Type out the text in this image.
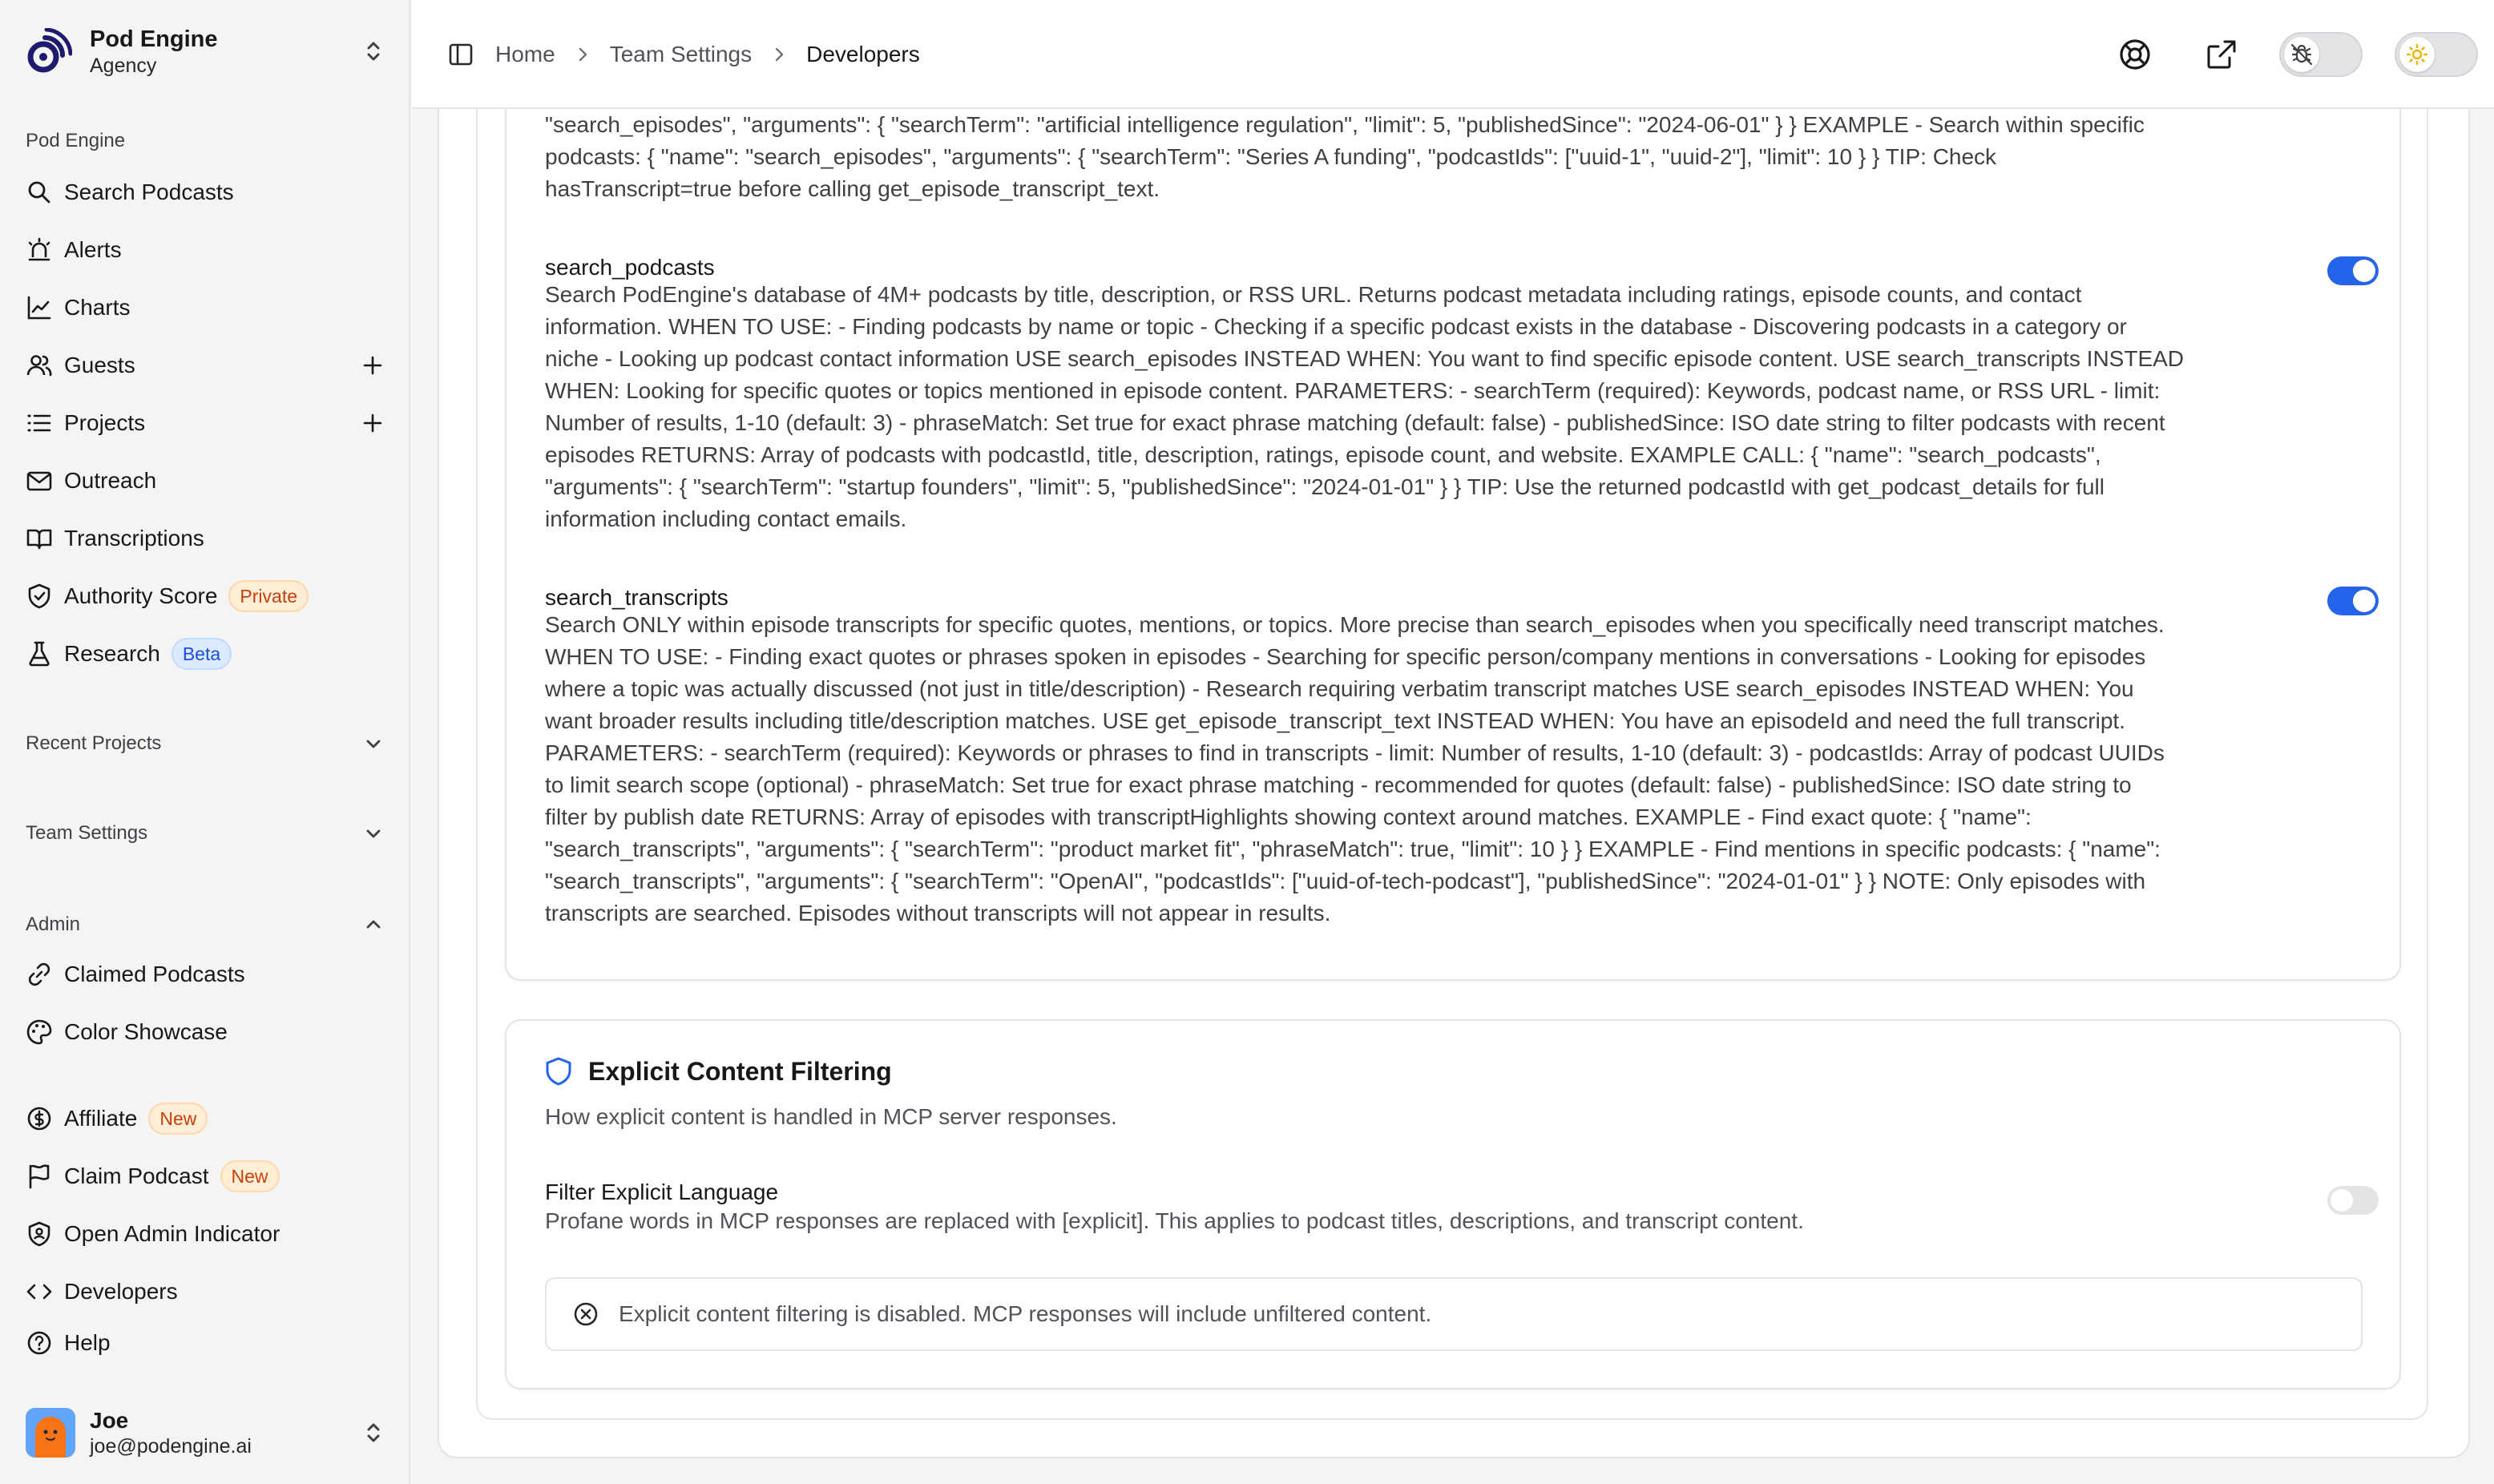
Pod Engine
Agency
Pod Engine
Search Podcasts
Alerts
Charts
Guests
Projects
Outreach
Transcriptions
Authority Score	Private
Research	Beta
Recent Projects
Team Settings
Admin
Claimed Podcasts
Color Showcase
Affiliate	New
Claim Podcast	New
Open Admin Indicator
Developers
Help
Joe
joe@podengine.ai
"search_episodes", "arguments": { "searchTerm": "artificial intelligence regulation", "limit": 5, "publishedSince": "2024-06-01" } } EXAMPLE - Search within specific
podcasts: { "name": "search_episodes", "arguments": { "searchTerm": "Series A funding", "podcastIds": ["uuid-1", "uuid-2"], "limit": 10 } } TIP: Check
hasTranscript=true before calling get_episode_transcript_text.
search_podcasts
Search PodEngine's database of 4M+ podcasts by title, description, or RSS URL. Returns podcast metadata including ratings, episode counts, and contact
information. WHEN TO USE: - Finding podcasts by name or topic - Checking if a specific podcast exists in the database - Discovering podcasts in a category or
niche - Looking up podcast contact information USE search_episodes INSTEAD WHEN: You want to find specific episode content. USE search_transcripts INSTEAD
WHEN: Looking for specific quotes or topics mentioned in episode content. PARAMETERS: - searchTerm (required): Keywords, podcast name, or RSS URL - limit:
Number of results, 1-10 (default: 3) - phraseMatch: Set true for exact phrase matching (default: false) - publishedSince: ISO date string to filter podcasts with recent
episodes RETURNS: Array of podcasts with podcastId, title, description, ratings, episode count, and website. EXAMPLE CALL: { "name": "search_podcasts",
"arguments": { "searchTerm": "startup founders", "limit": 5, "publishedSince": "2024-01-01" } } TIP: Use the returned podcastId with get_podcast_details for full
information including contact emails.
search_transcripts
Search ONLY within episode transcripts for specific quotes, mentions, or topics. More precise than search_episodes when you specifically need transcript matches.
WHEN TO USE: - Finding exact quotes or phrases spoken in episodes - Searching for specific person/company mentions in conversations - Looking for episodes
where a topic was actually discussed (not just in title/description) - Research requiring verbatim transcript matches USE search_episodes INSTEAD WHEN: You
want broader results including title/description matches. USE get_episode_transcript_text INSTEAD WHEN: You have an episodeId and need the full transcript.
PARAMETERS: - searchTerm (required): Keywords or phrases to find in transcripts - limit: Number of results, 1-10 (default: 3) - podcastIds: Array of podcast UUIDs
to limit search scope (optional) - phraseMatch: Set true for exact phrase matching - recommended for quotes (default: false) - publishedSince: ISO date string to
filter by publish date RETURNS: Array of episodes with transcriptHighlights showing context around matches. EXAMPLE - Find exact quote: { "name":
"search_transcripts", "arguments": { "searchTerm": "product market fit", "phraseMatch": true, "limit": 10 } } EXAMPLE - Find mentions in specific podcasts: { "name":
"search_transcripts", "arguments": { "searchTerm": "OpenAI", "podcastIds": ["uuid-of-tech-podcast"], "publishedSince": "2024-01-01" } } NOTE: Only episodes with
transcripts are searched. Episodes without transcripts will not appear in results.
Explicit Content Filtering
How explicit content is handled in MCP server responses.
Filter Explicit Language
Profane words in MCP responses are replaced with [explicit]. This applies to podcast titles, descriptions, and transcript content.
Explicit content filtering is disabled. MCP responses will include unfiltered content.
Home Team Settings Developers
